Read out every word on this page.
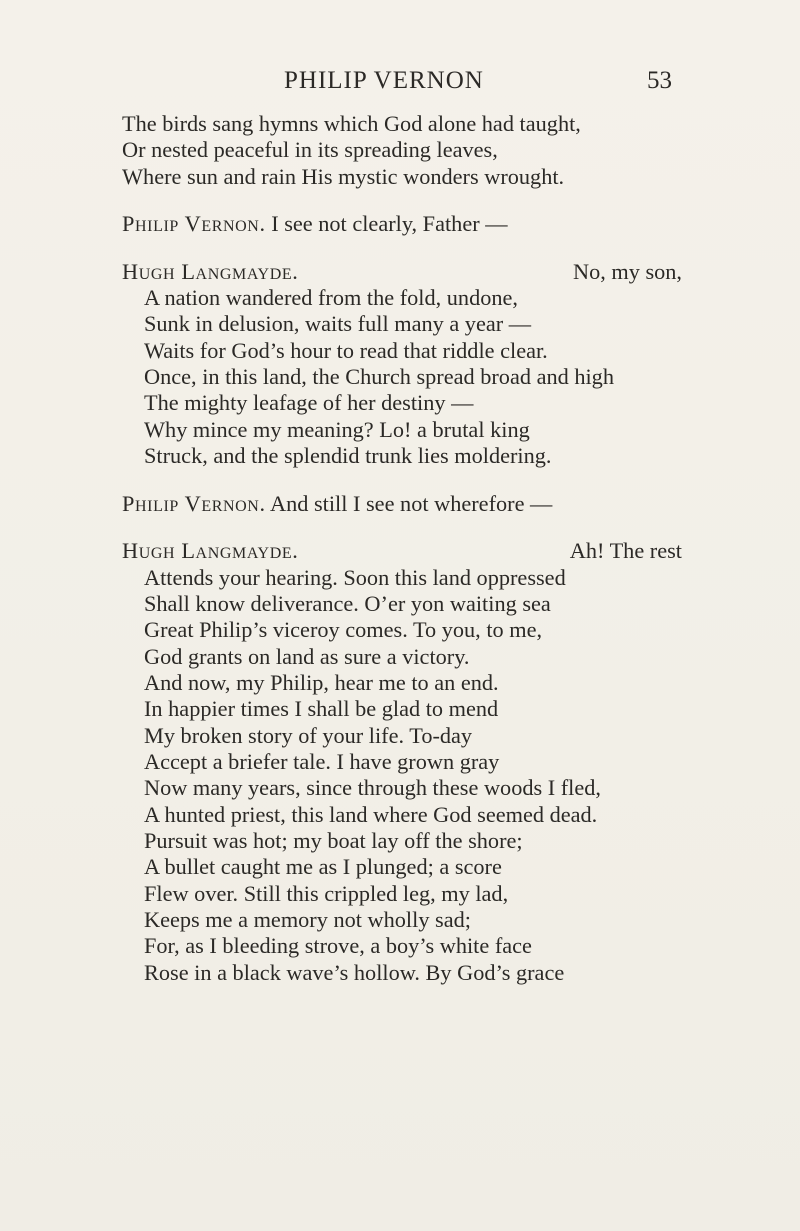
PHILIP VERNON	53
The birds sang hymns which God alone had taught,
Or nested peaceful in its spreading leaves,
Where sun and rain His mystic wonders wrought.
Philip Vernon. I see not clearly, Father —
Hugh Langmayde.	No, my son,
A nation wandered from the fold, undone,
Sunk in delusion, waits full many a year —
Waits for God’s hour to read that riddle clear.
Once, in this land, the Church spread broad and high
The mighty leafage of her destiny —
Why mince my meaning? Lo! a brutal king
Struck, and the splendid trunk lies moldering.
Philip Vernon. And still I see not wherefore —
Hugh Langmayde.	Ah! The rest
Attends your hearing. Soon this land oppressed
Shall know deliverance. O’er yon waiting sea
Great Philip’s viceroy comes. To you, to me,
God grants on land as sure a victory.
And now, my Philip, hear me to an end.
In happier times I shall be glad to mend
My broken story of your life. To-day
Accept a briefer tale. I have grown gray
Now many years, since through these woods I fled,
A hunted priest, this land where God seemed dead.
Pursuit was hot; my boat lay off the shore;
A bullet caught me as I plunged; a score
Flew over. Still this crippled leg, my lad,
Keeps me a memory not wholly sad;
For, as I bleeding strove, a boy’s white face
Rose in a black wave’s hollow. By God’s grace
